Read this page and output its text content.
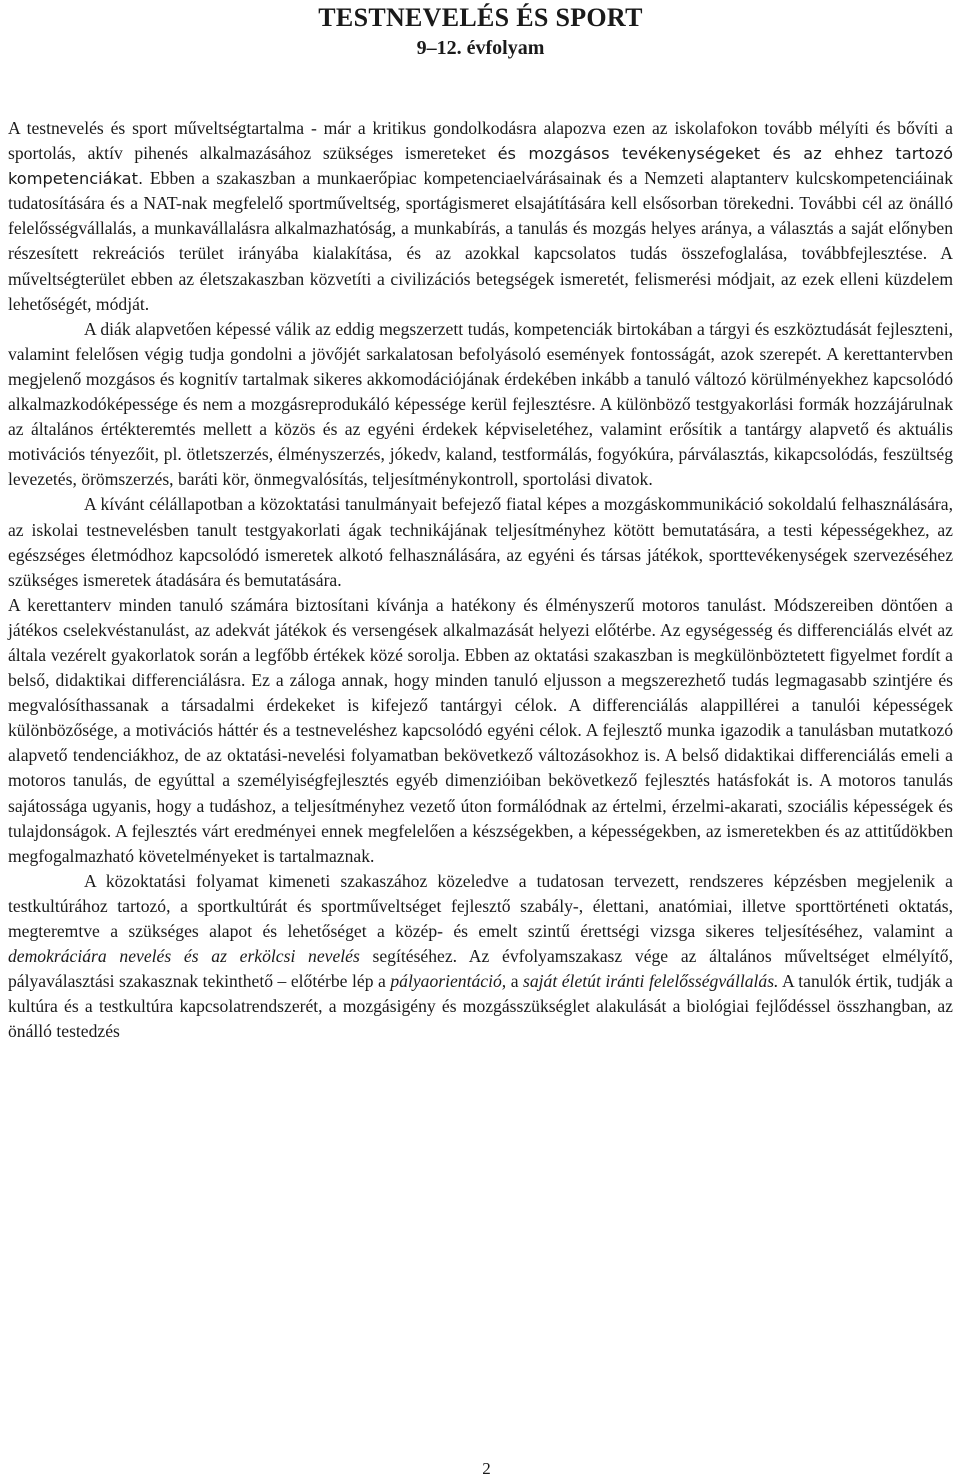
TESTNEVELÉS ÉS SPORT
9–12. évfolyam

A testnevelés és sport műveltségtartalma - már a kritikus gondolkodásra alapozva ezen az iskolafokon tovább mélyíti és bővíti a sportolás, aktív pihenés alkalmazásához szükséges ismereteket és mozgásos tevékenységeket és az ehhez tartozó kompetenciákat. Ebben a szakaszban a munkaerőpiac kompetenciaelvárásainak és a Nemzeti alaptanterv kulcskompetenciáinak tudatosítására és a NAT-nak megfelelő sportműveltség, sportágismeret elsajátítására kell elsősorban törekedni. További cél az önálló felelősségvállalás, a munkavállalásra alkalmazhatóság, a munkabírás, a tanulás és mozgás helyes aránya, a választás a saját előnyben részesített rekreációs terület irányába kialakítása, és az azokkal kapcsolatos tudás összefoglalása, továbbfejlesztése. A műveltségterület ebben az életszakaszban közvetíti a civilizációs betegségek ismeretét, felismerési módjait, az ezek elleni küzdelem lehetőségét, módját.

A diák alapvetően képessé válik az eddig megszerzett tudás, kompetenciák birtokában a tárgyi és eszköztudását fejleszteni, valamint felelősen végig tudja gondolni a jövőjét sarkalatosan befolyásoló események fontosságát, azok szerepét. A kerettantervben megjelenő mozgásos és kognitív tartalmak sikeres akkomodációjának érdekében inkább a tanuló változó körülményekhez kapcsolódó alkalmazkodóképessége és nem a mozgásreprodukáló képessége kerül fejlesztésre. A különböző testgyakorlási formák hozzájárulnak az általános értékteremtés mellett a közös és az egyéni érdekek képviseletéhez, valamint erősítik a tantárgy alapvető és aktuális motivációs tényezőit, pl. ötletszerzés, élményszerzés, jókedv, kaland, testformálás, fogyókúra, párválasztás, kikapcsolódás, feszültség levezetés, örömszerzés, baráti kör, önmegvalósítás, teljesítménykontroll, sportolási divatok.

A kívánt célállapotban a közoktatási tanulmányait befejező fiatal képes a mozgáskommunikáció sokoldalú felhasználására, az iskolai testnevelésben tanult testgyakorlati ágak technikájának teljesítményhez kötött bemutatására, a testi képességekhez, az egészséges életmódhoz kapcsolódó ismeretek alkotó felhasználására, az egyéni és társas játékok, sporttevékenységek szervezéséhez szükséges ismeretek átadására és bemutatására.

A kerettanterv minden tanuló számára biztosítani kívánja a hatékony és élményszerű motoros tanulást. Módszereiben döntően a játékos cselekvéstanulást, az adekvát játékok és versengések alkalmazását helyezi előtérbe. Az egységesség és differenciálás elvét az általa vezérelt gyakorlatok során a legfőbb értékek közé sorolja. Ebben az oktatási szakaszban is megkülönböztetett figyelmet fordít a belső, didaktikai differenciálásra. Ez a záloga annak, hogy minden tanuló eljusson a megszerezhető tudás legmagasabb szintjére és megvalósíthassanak a társadalmi érdekeket is kifejező tantárgyi célok. A differenciálás alappillérei a tanulói képességek különbözősége, a motivációs háttér és a testneveléshez kapcsolódó egyéni célok. A fejlesztő munka igazodik a tanulásban mutatkozó alapvető tendenciákhoz, de az oktatási-nevelési folyamatban bekövetkező változásokhoz is. A belső didaktikai differenciálás emeli a motoros tanulás, de egyúttal a személyiségfejlesztés egyéb dimenzióiban bekövetkező fejlesztés hatásfokát is. A motoros tanulás sajátossága ugyanis, hogy a tudáshoz, a teljesítményhez vezető úton formálódnak az értelmi, érzelmi-akarati, szociális képességek és tulajdonságok. A fejlesztés várt eredményei ennek megfelelően a készségekben, a képességekben, az ismeretekben és az attitűdökben megfogalmazható követelményeket is tartalmaznak.

A közoktatási folyamat kimeneti szakaszához közeledve a tudatosan tervezett, rendszeres képzésben megjelenik a testkultúrához tartozó, a sportkultúrát és sportműveltséget fejlesztő szabály-, élettani, anatómiai, illetve sporttörténeti oktatás, megteremtve a szükséges alapot és lehetőséget a közép- és emelt szintű érettségi vizsga sikeres teljesítéséhez, valamint a demokráciára nevelés és az erkölcsi nevelés segítéséhez. Az évfolyamszakasz vége az általános műveltséget elmélyítő, pályaválasztási szakasznak tekinthető – előtérbe lép a pályaorientáció, a saját életút iránti felelősségvállalás. A tanulók értik, tudják a kultúra és a testkultúra kapcsolatrendszerét, a mozgásigény és mozgásszükséglet alakulását a biológiai fejlődéssel összhangban, az önálló testedzés

2
